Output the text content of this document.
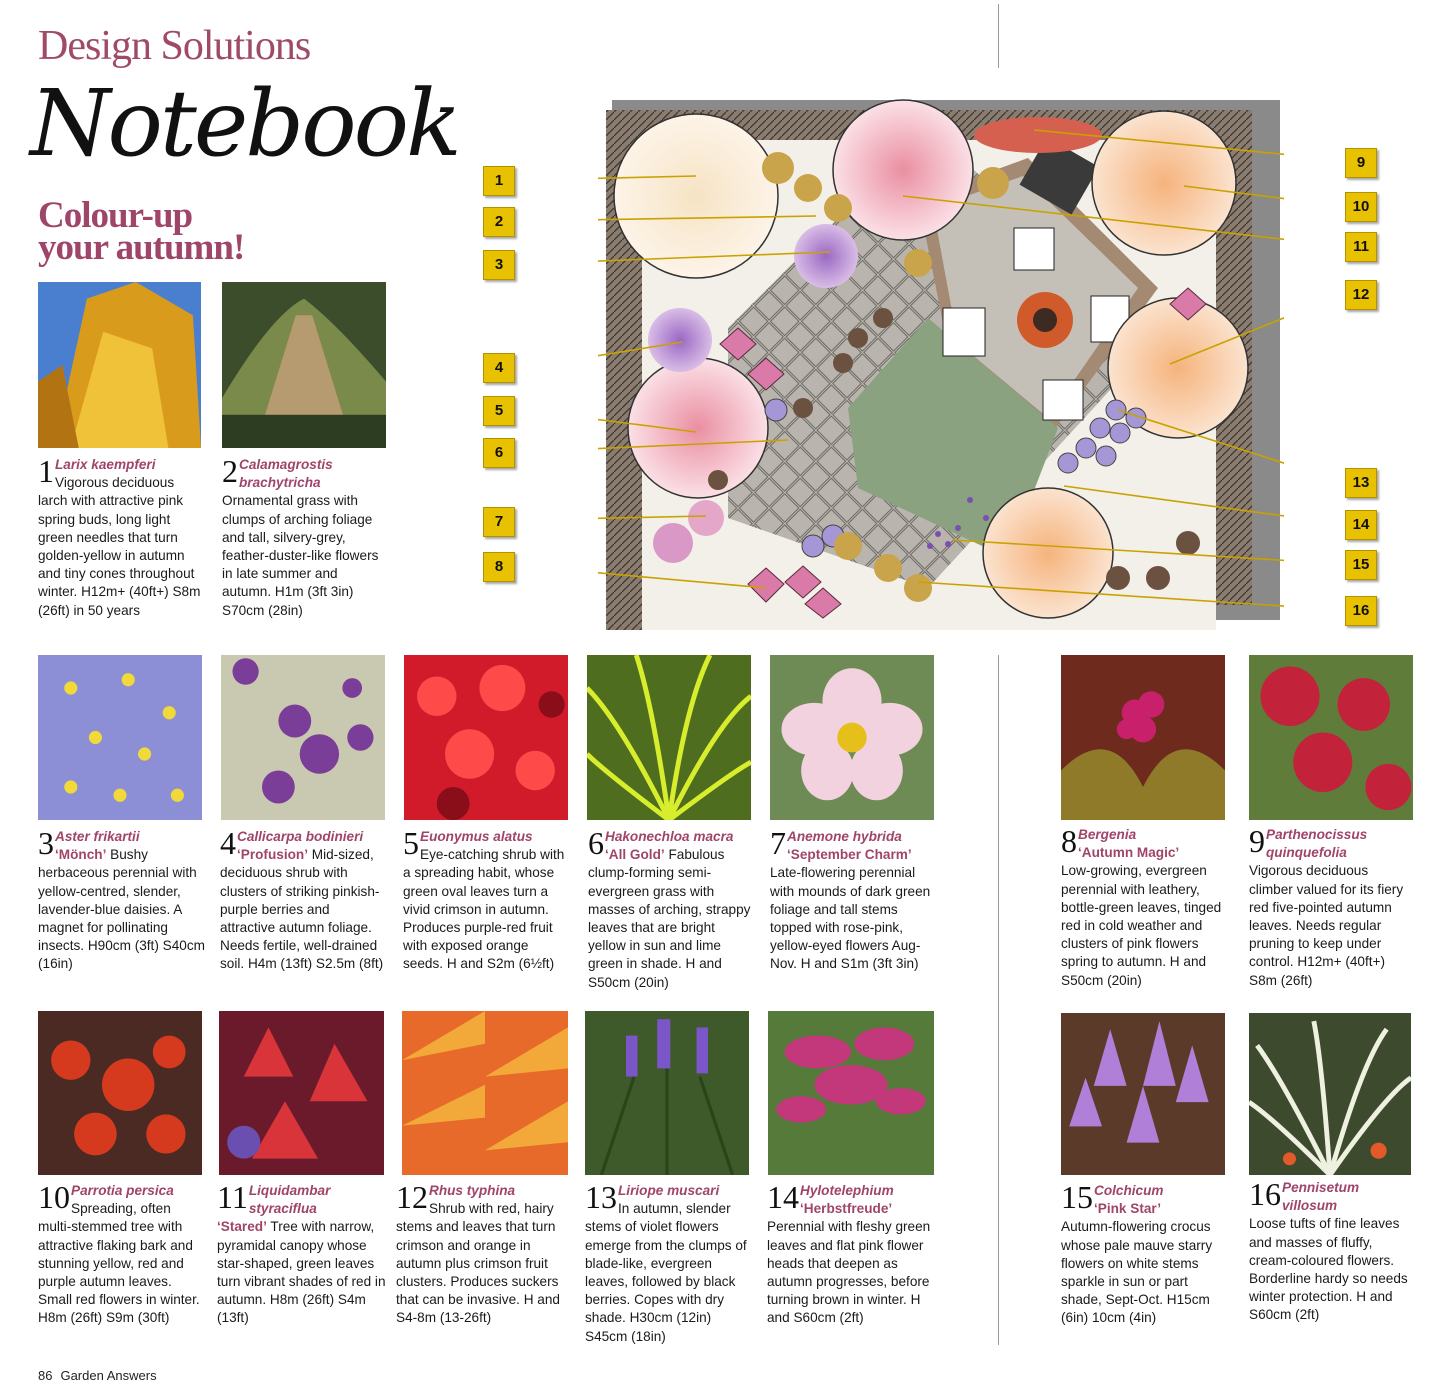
Design Solutions
Notebook
Colour-up
your autumn!
1
2
3
4
5
6
7
8
9
10
11
12
13
14
15
16
1 Larix kaempferi
Vigorous deciduous larch with attractive pink spring buds, long light green needles that turn golden-yellow in autumn and tiny cones throughout winter. H12m+ (40ft+) S8m (26ft) in 50 years
2 Calamagrostis brachytricha
Ornamental grass with clumps of arching foliage and tall, silvery-grey, feather-duster-like flowers in late summer and autumn. H1m (3ft 3in) S70cm (28in)
3 Aster frikartii
‘Mönch’ Bushy herbaceous perennial with yellow-centred, slender, lavender-blue daisies. A magnet for pollinating insects. H90cm (3ft) S40cm (16in)
4 Callicarpa bodinieri
‘Profusion’ Mid-sized, deciduous shrub with clusters of striking pinkish-purple berries and attractive autumn foliage. Needs fertile, well-drained soil. H4m (13ft) S2.5m (8ft)
5 Euonymus alatus
Eye-catching shrub with a spreading habit, whose green oval leaves turn a vivid crimson in autumn. Produces purple-red fruit with exposed orange seeds. H and S2m (6½ft)
6 Hakonechloa macra
‘All Gold’ Fabulous clump-forming semi-evergreen grass with masses of arching, strappy leaves that are bright yellow in sun and lime green in shade. H and S50cm (20in)
7 Anemone hybrida
‘September Charm’
Late-flowering perennial with mounds of dark green foliage and tall stems topped with rose-pink, yellow-eyed flowers Aug-Nov. H and S1m (3ft 3in)
8 Bergenia
‘Autumn Magic’
Low-growing, evergreen perennial with leathery, bottle-green leaves, tinged red in cold weather and clusters of pink flowers spring to autumn. H and S50cm (20in)
9 Parthenocissus quinquefolia
Vigorous deciduous climber valued for its fiery red five-pointed autumn leaves. Needs regular pruning to keep under control. H12m+ (40ft+) S8m (26ft)
10 Parrotia persica
Spreading, often multi-stemmed tree with attractive flaking bark and stunning yellow, red and purple autumn leaves. Small red flowers in winter. H8m (26ft) S9m (30ft)
11 Liquidambar styraciflua
‘Stared’ Tree with narrow, pyramidal canopy whose star-shaped, green leaves turn vibrant shades of red in autumn. H8m (26ft) S4m (13ft)
12 Rhus typhina
Shrub with red, hairy stems and leaves that turn crimson and orange in autumn plus crimson fruit clusters. Produces suckers that can be invasive. H and S4-8m (13-26ft)
13 Liriope muscari
In autumn, slender stems of violet flowers emerge from the clumps of blade-like, evergreen leaves, followed by black berries. Copes with dry shade. H30cm (12in) S45cm (18in)
14 Hylotelephium
‘Herbstfreude’
Perennial with fleshy green leaves and flat pink flower heads that deepen as autumn progresses, before turning brown in winter. H and S60cm (2ft)
15 Colchicum
‘Pink Star’
Autumn-flowering crocus whose pale mauve starry flowers on white stems sparkle in sun or part shade, Sept-Oct. H15cm (6in) 10cm (4in)
16 Pennisetum villosum
Loose tufts of fine leaves and masses of fluffy, cream-coloured flowers. Borderline hardy so needs winter protection. H and S60cm (2ft)
86 Garden Answers
